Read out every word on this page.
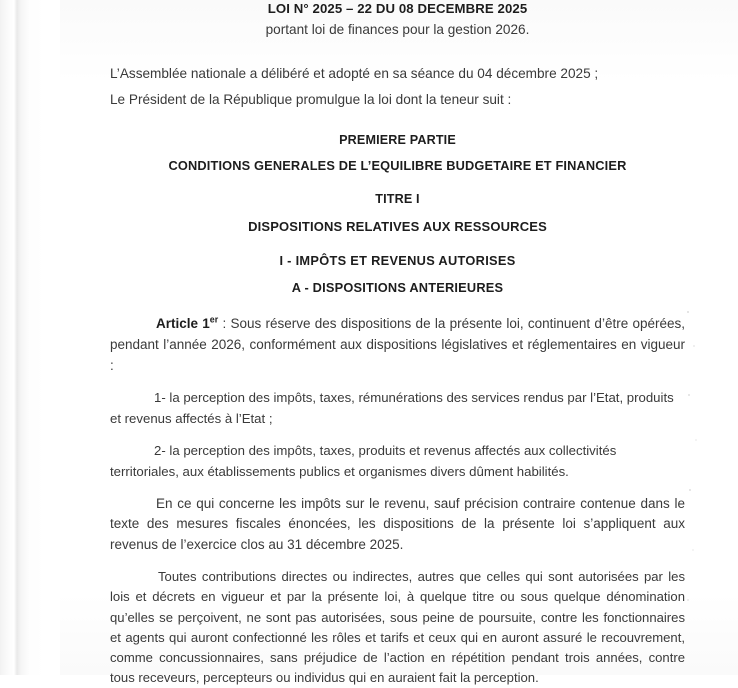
LOI N° 2025 – 22 DU 08 DECEMBRE 2025
portant loi de finances pour la gestion 2026.
L’Assemblée nationale a délibéré et adopté en sa séance du 04 décembre 2025 ;
Le Président de la République promulgue la loi dont la teneur suit :
PREMIERE PARTIE
CONDITIONS GENERALES DE L’EQUILIBRE BUDGETAIRE ET FINANCIER
TITRE I
DISPOSITIONS RELATIVES AUX RESSOURCES
I - IMPÔTS ET REVENUS AUTORISES
A - DISPOSITIONS ANTERIEURES

Article 1er : Sous réserve des dispositions de la présente loi, continuent d’être opérées, pendant l’année 2026, conformément aux dispositions législatives et réglementaires en vigueur :

1- la perception des impôts, taxes, rémunérations des services rendus par l’Etat, produits et revenus affectés à l’Etat ;

2- la perception des impôts, taxes, produits et revenus affectés aux collectivités territoriales, aux établissements publics et organismes divers dûment habilités.

En ce qui concerne les impôts sur le revenu, sauf précision contraire contenue dans le texte des mesures fiscales énoncées, les dispositions de la présente loi s’appliquent aux revenus de l’exercice clos au 31 décembre 2025.

Toutes contributions directes ou indirectes, autres que celles qui sont autorisées par les lois et décrets en vigueur et par la présente loi, à quelque titre ou sous quelque dénomination qu’elles se perçoivent, ne sont pas autorisées, sous peine de poursuite, contre les fonctionnaires et agents qui auront confectionné les rôles et tarifs et ceux qui en auront assuré le recouvrement, comme concussionnaires, sans préjudice de l’action en répétition pendant trois années, contre tous receveurs, percepteurs ou individus qui en auraient fait la perception.
